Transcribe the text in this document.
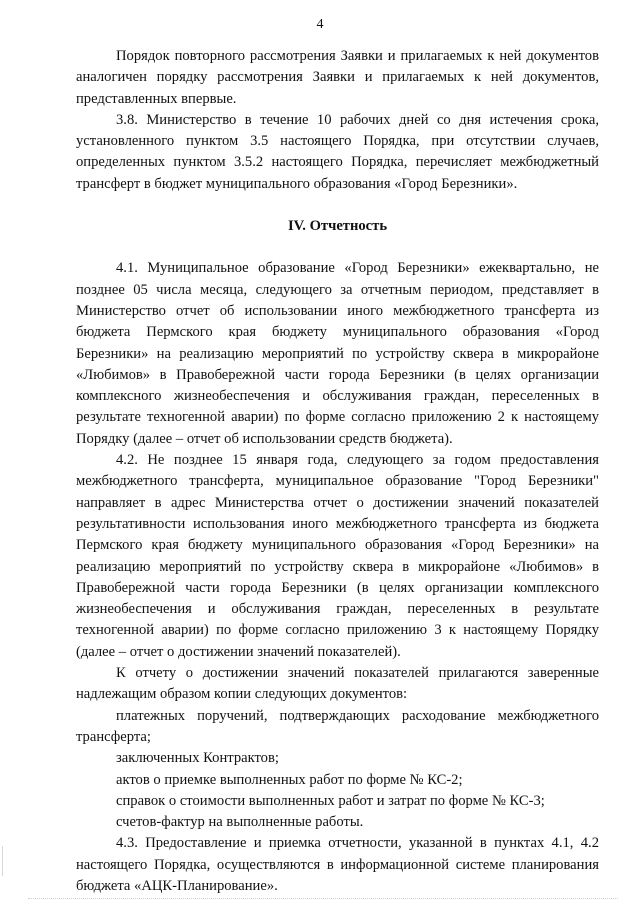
4

Порядок повторного рассмотрения Заявки и прилагаемых к ней документов аналогичен порядку рассмотрения Заявки и прилагаемых к ней документов, представленных впервые.

3.8. Министерство в течение 10 рабочих дней со дня истечения срока, установленного пунктом 3.5 настоящего Порядка, при отсутствии случаев, определенных пунктом 3.5.2 настоящего Порядка, перечисляет межбюджетный трансферт в бюджет муниципального образования «Город Березники».

IV. Отчетность

4.1. Муниципальное образование «Город Березники» ежеквартально, не позднее 05 числа месяца, следующего за отчетным периодом, представляет в Министерство отчет об использовании иного межбюджетного трансферта из бюджета Пермского края бюджету муниципального образования «Город Березники» на реализацию мероприятий по устройству сквера в микрорайоне «Любимов» в Правобережной части города Березники (в целях организации комплексного жизнеобеспечения и обслуживания граждан, переселенных в результате техногенной аварии) по форме согласно приложению 2 к настоящему Порядку (далее – отчет об использовании средств бюджета).

4.2. Не позднее 15 января года, следующего за годом предоставления межбюджетного трансферта, муниципальное образование "Город Березники" направляет в адрес Министерства отчет о достижении значений показателей результативности использования иного межбюджетного трансферта из бюджета Пермского края бюджету муниципального образования «Город Березники» на реализацию мероприятий по устройству сквера в микрорайоне «Любимов» в Правобережной части города Березники (в целях организации комплексного жизнеобеспечения и обслуживания граждан, переселенных в результате техногенной аварии) по форме согласно приложению 3 к настоящему Порядку (далее – отчет о достижении значений показателей).

К отчету о достижении значений показателей прилагаются заверенные надлежащим образом копии следующих документов:

платежных поручений, подтверждающих расходование межбюджетного трансферта;

заключенных Контрактов;

актов о приемке выполненных работ по форме № КС-2;

справок о стоимости выполненных работ и затрат по форме № КС-3;

счетов-фактур на выполненные работы.

4.3. Предоставление и приемка отчетности, указанной в пунктах 4.1, 4.2 настоящего Порядка, осуществляются в информационной системе планирования бюджета «АЦК-Планирование».
